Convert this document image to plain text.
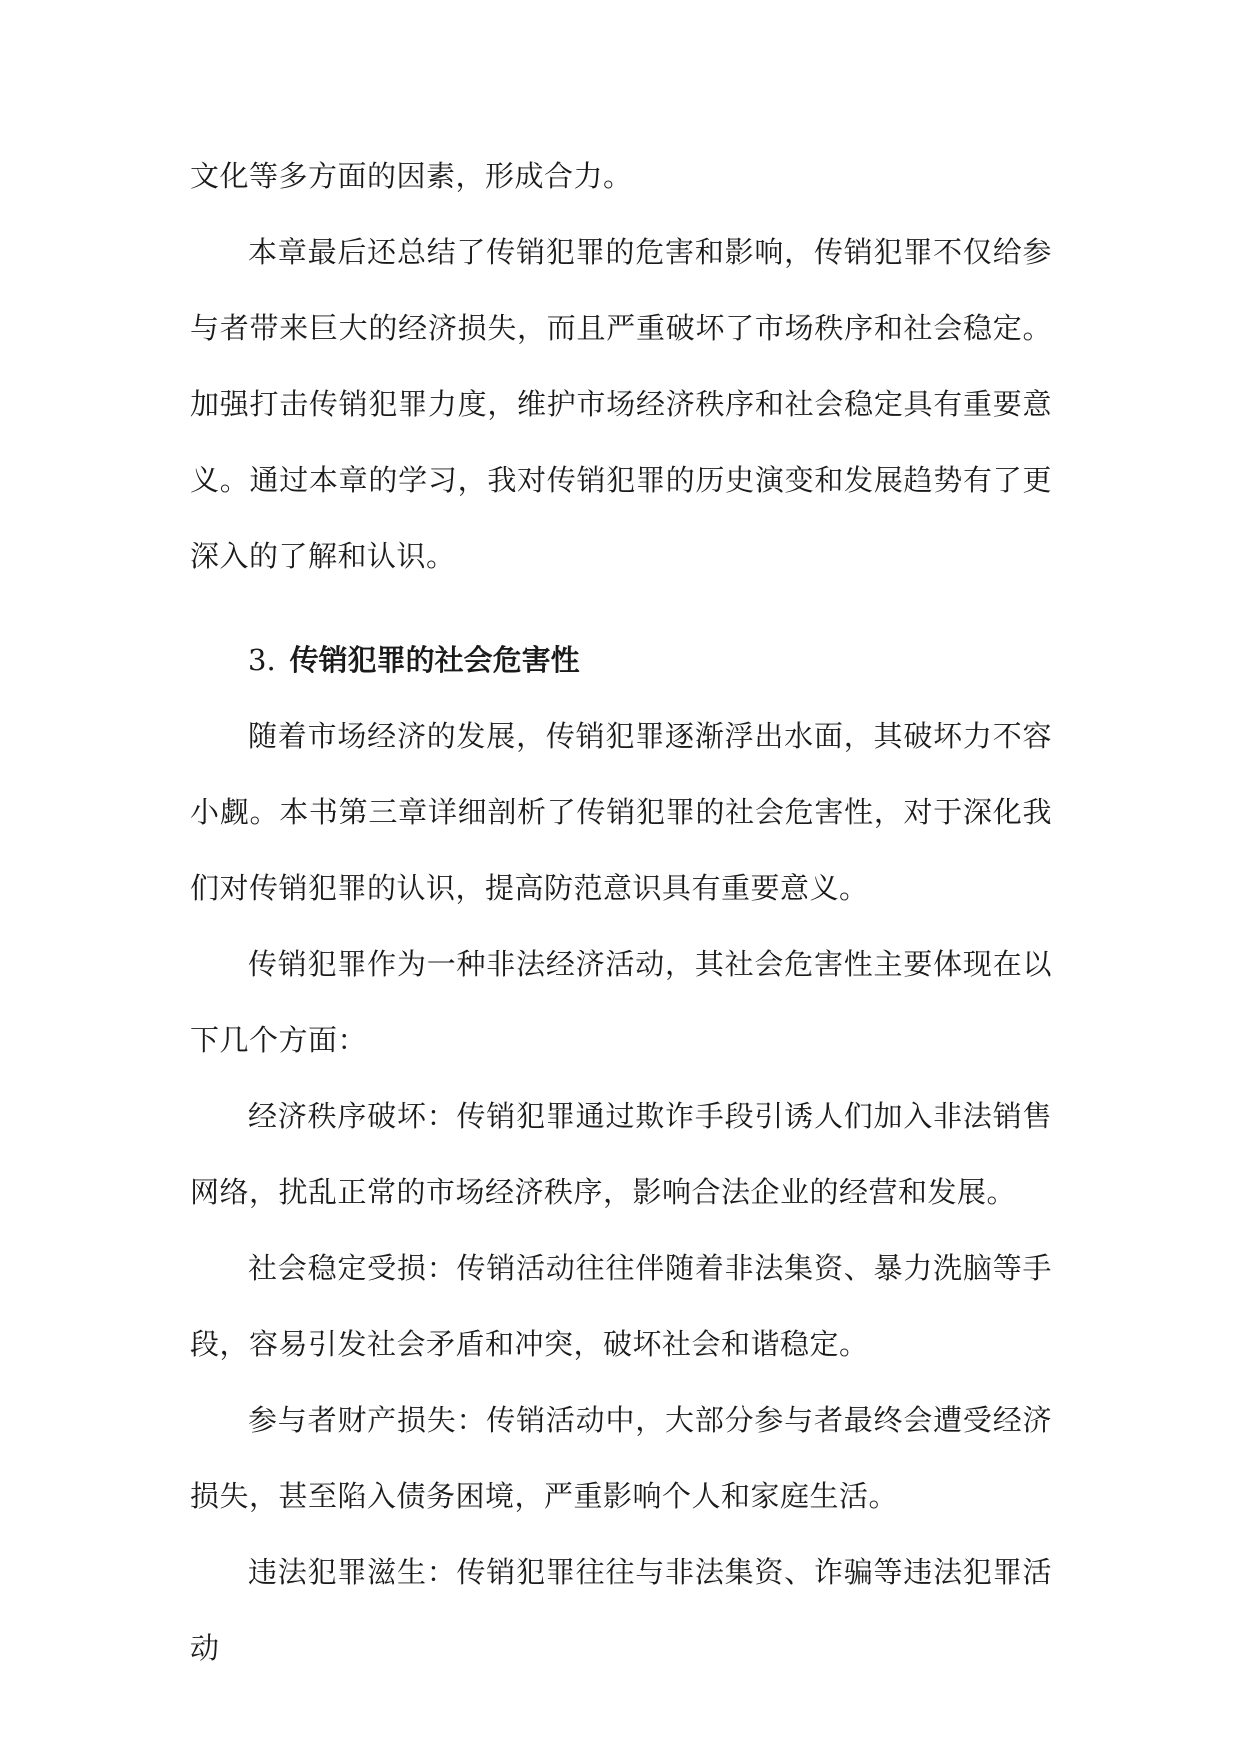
文化等多方面的因素，形成合力。

本章最后还总结了传销犯罪的危害和影响，传销犯罪不仅给参与者带来巨大的经济损失，而且严重破坏了市场秩序和社会稳定。加强打击传销犯罪力度，维护市场经济秩序和社会稳定具有重要意义。通过本章的学习，我对传销犯罪的历史演变和发展趋势有了更深入的了解和认识。

3. 传销犯罪的社会危害性

随着市场经济的发展，传销犯罪逐渐浮出水面，其破坏力不容小觑。本书第三章详细剖析了传销犯罪的社会危害性，对于深化我们对传销犯罪的认识，提高防范意识具有重要意义。

传销犯罪作为一种非法经济活动，其社会危害性主要体现在以下几个方面：

经济秩序破坏：传销犯罪通过欺诈手段引诱人们加入非法销售网络，扰乱正常的市场经济秩序，影响合法企业的经营和发展。

社会稳定受损：传销活动往往伴随着非法集资、暴力洗脑等手段，容易引发社会矛盾和冲突，破坏社会和谐稳定。

参与者财产损失：传销活动中，大部分参与者最终会遭受经济损失，甚至陷入债务困境，严重影响个人和家庭生活。

违法犯罪滋生：传销犯罪往往与非法集资、诈骗等违法犯罪活动
